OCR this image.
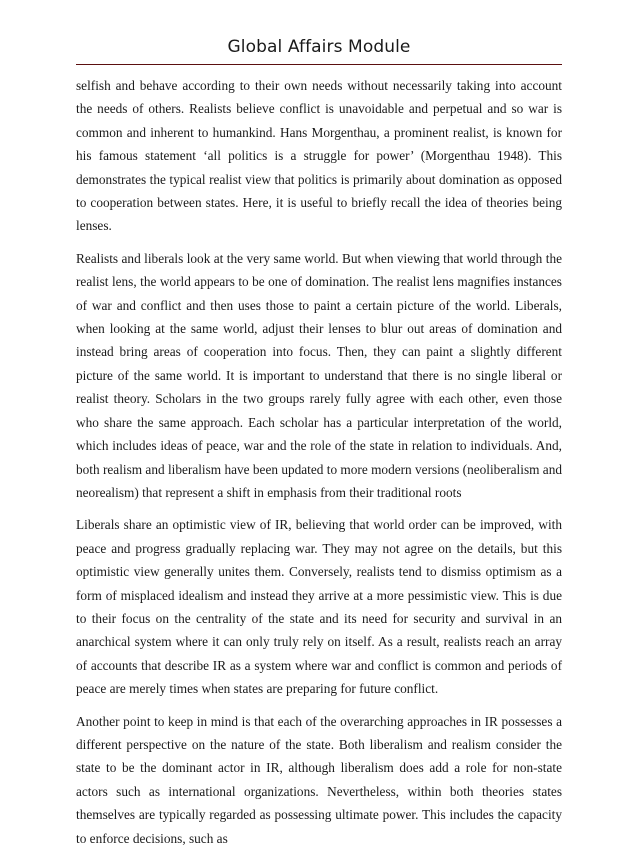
Global Affairs Module

selfish and behave according to their own needs without necessarily taking into account the needs of others. Realists believe conflict is unavoidable and perpetual and so war is common and inherent to humankind. Hans Morgenthau, a prominent realist, is known for his famous statement ‘all politics is a struggle for power’ (Morgenthau 1948). This demonstrates the typical realist view that politics is primarily about domination as opposed to cooperation between states. Here, it is useful to briefly recall the idea of theories being lenses.

Realists and liberals look at the very same world. But when viewing that world through the realist lens, the world appears to be one of domination. The realist lens magnifies instances of war and conflict and then uses those to paint a certain picture of the world. Liberals, when looking at the same world, adjust their lenses to blur out areas of domination and instead bring areas of cooperation into focus. Then, they can paint a slightly different picture of the same world. It is important to understand that there is no single liberal or realist theory. Scholars in the two groups rarely fully agree with each other, even those who share the same approach. Each scholar has a particular interpretation of the world, which includes ideas of peace, war and the role of the state in relation to individuals. And, both realism and liberalism have been updated to more modern versions (neoliberalism and neorealism) that represent a shift in emphasis from their traditional roots

Liberals share an optimistic view of IR, believing that world order can be improved, with peace and progress gradually replacing war. They may not agree on the details, but this optimistic view generally unites them. Conversely, realists tend to dismiss optimism as a form of misplaced idealism and instead they arrive at a more pessimistic view. This is due to their focus on the centrality of the state and its need for security and survival in an anarchical system where it can only truly rely on itself. As a result, realists reach an array of accounts that describe IR as a system where war and conflict is common and periods of peace are merely times when states are preparing for future conflict.

Another point to keep in mind is that each of the overarching approaches in IR possesses a different perspective on the nature of the state. Both liberalism and realism consider the state to be the dominant actor in IR, although liberalism does add a role for non-state actors such as international organizations. Nevertheless, within both theories states themselves are typically regarded as possessing ultimate power. This includes the capacity to enforce decisions, such as
